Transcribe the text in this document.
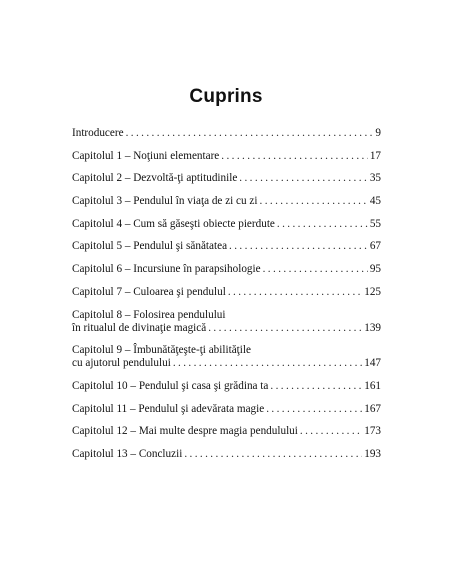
Cuprins
Introducere . . .	9
Capitolul 1 – Noţiuni elementare . . .	17
Capitolul 2 – Dezvoltă-ţi aptitudinile . . .	35
Capitolul 3 – Pendulul în viaţa de zi cu zi . . .	45
Capitolul 4 – Cum să găseşti obiecte pierdute . . .	55
Capitolul 5 – Pendulul şi sănătatea . . .	67
Capitolul 6 – Incursiune în parapsihologie . . .	95
Capitolul 7 – Culoarea şi pendulul . . .	125
Capitolul 8 – Folosirea pendulului
în ritualul de divinaţie magică . . .	139
Capitolul 9 – Îmbunătăţeşte-ţi abilităţile
cu ajutorul pendulului . . .	147
Capitolul 10 – Pendulul şi casa şi grădina ta . . .	161
Capitolul 11 – Pendulul şi adevărata magie . . .	167
Capitolul 12 – Mai multe despre magia pendulului . . .	173
Capitolul 13 – Concluzii . . .	193
